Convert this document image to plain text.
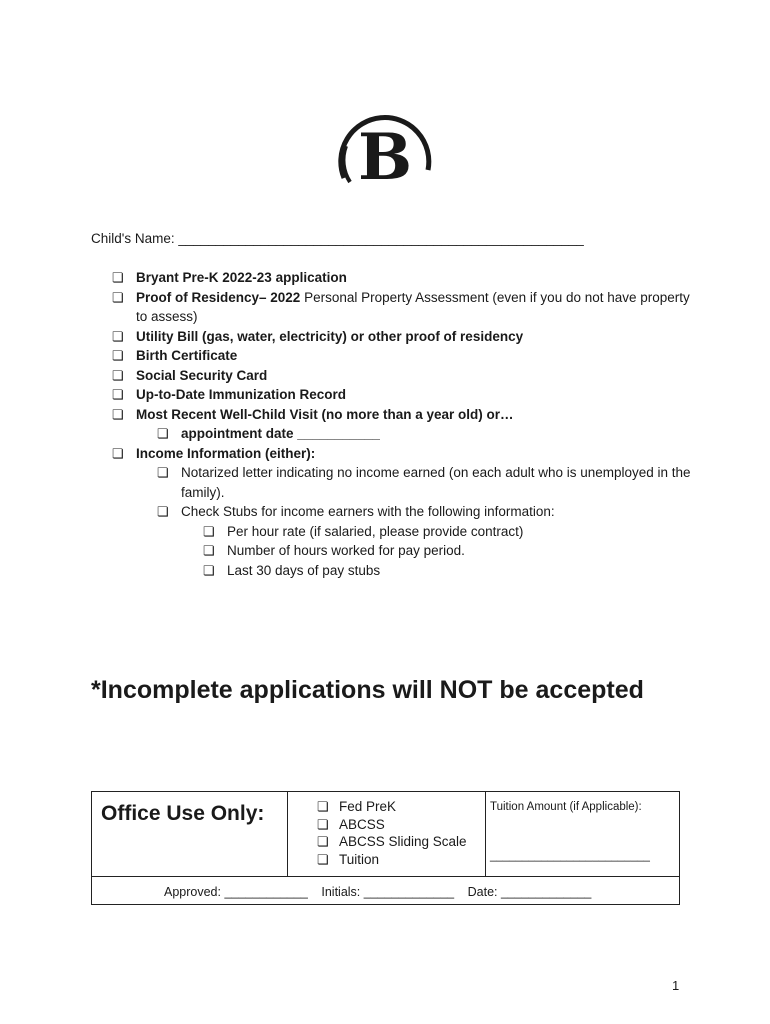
B
Child's Name: ______________________________________________________
❏ Bryant Pre-K 2022-23 application
❏ Proof of Residency– 2022 Personal Property Assessment (even if you do not have property to assess)
❏ Utility Bill (gas, water, electricity) or other proof of residency
❏ Birth Certificate
❏ Social Security Card
❏ Up-to-Date Immunization Record
❏ Most Recent Well-Child Visit (no more than a year old) or…
❏ appointment date ___________
❏ Income Information (either):
❏ Notarized letter indicating no income earned (on each adult who is unemployed in the family).
❏ Check Stubs for income earners with the following information:
❏ Per hour rate (if salaried, please provide contract)
❏ Number of hours worked for pay period.
❏ Last 30 days of pay stubs
*Incomplete applications will NOT be accepted
Office Use Only:	❏ Fed PreK
❏ ABCSS
❏ ABCSS Sliding Scale
❏ Tuition
Tuition Amount (if Applicable):
_________________________
Approved: ____________ Initials: _____________ Date: _____________
1
